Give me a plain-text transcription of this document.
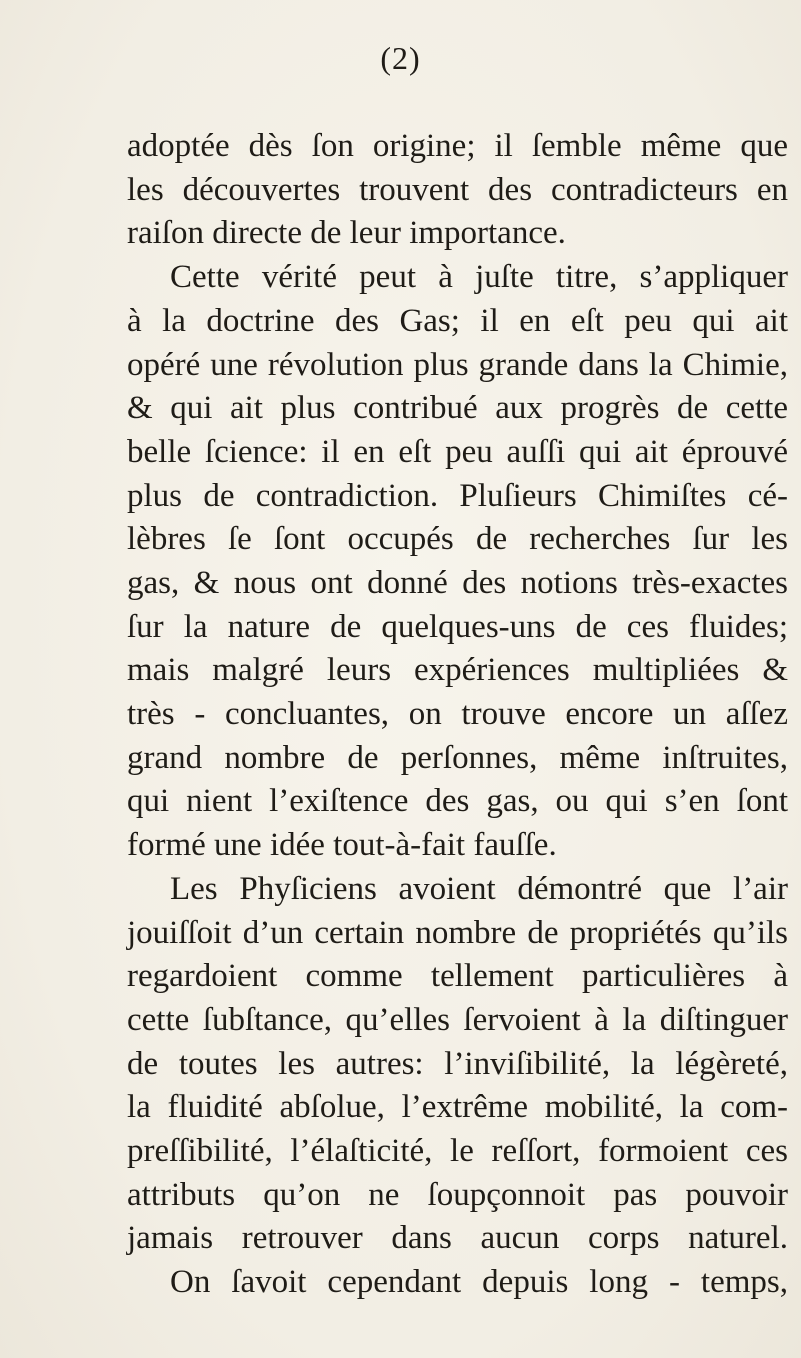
(2)
adoptée dès ſon origine; il ſemble même que
les découvertes trouvent des contradicteurs en
raiſon directe de leur importance.
Cette vérité peut à juſte titre, s’appliquer
à la doctrine des Gas; il en eſt peu qui ait
opéré une révolution plus grande dans la Chimie,
& qui ait plus contribué aux progrès de cette
belle ſcience: il en eſt peu auſſi qui ait éprouvé
plus de contradiction. Pluſieurs Chimiſtes cé-
lèbres ſe ſont occupés de recherches ſur les
gas, & nous ont donné des notions très-exactes
ſur la nature de quelques-uns de ces fluides;
mais malgré leurs expériences multipliées &
très - concluantes, on trouve encore un aſſez
grand nombre de perſonnes, même inſtruites,
qui nient l’exiſtence des gas, ou qui s’en ſont
formé une idée tout-à-fait fauſſe.
Les Phyſiciens avoient démontré que l’air
jouiſſoit d’un certain nombre de propriétés qu’ils
regardoient comme tellement particulières à
cette ſubſtance, qu’elles ſervoient à la diſtinguer
de toutes les autres: l’inviſibilité, la légèreté,
la fluidité abſolue, l’extrême mobilité, la com-
preſſibilité, l’élaſticité, le reſſort, formoient ces
attributs qu’on ne ſoupçonnoit pas pouvoir
jamais retrouver dans aucun corps naturel.
On ſavoit cependant depuis long - temps,
